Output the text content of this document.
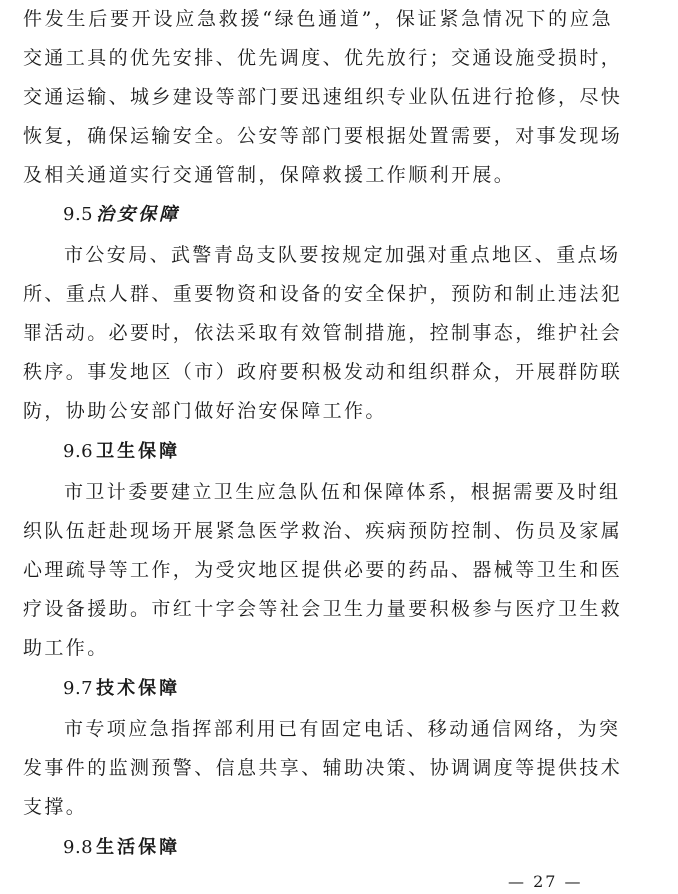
件发生后要开设应急救援“绿色通道”，保证紧急情况下的应急
交通工具的优先安排、优先调度、优先放行；交通设施受损时，
交通运输、城乡建设等部门要迅速组织专业队伍进行抢修，尽快
恢复，确保运输安全。公安等部门要根据处置需要，对事发现场
及相关通道实行交通管制，保障救援工作顺利开展。
9.5 治安保障
市公安局、武警青岛支队要按规定加强对重点地区、重点场
所、重点人群、重要物资和设备的安全保护，预防和制止违法犯
罪活动。必要时，依法采取有效管制措施，控制事态，维护社会
秩序。事发地区（市）政府要积极发动和组织群众，开展群防联
防，协助公安部门做好治安保障工作。
9.6 卫生保障
市卫计委要建立卫生应急队伍和保障体系，根据需要及时组
织队伍赶赴现场开展紧急医学救治、疾病预防控制、伤员及家属
心理疏导等工作，为受灾地区提供必要的药品、器械等卫生和医
疗设备援助。市红十字会等社会卫生力量要积极参与医疗卫生救
助工作。
9.7 技术保障
市专项应急指挥部利用已有固定电话、移动通信网络，为突
发事件的监测预警、信息共享、辅助决策、协调调度等提供技术
支撑。
9.8 生活保障
— 27 —
